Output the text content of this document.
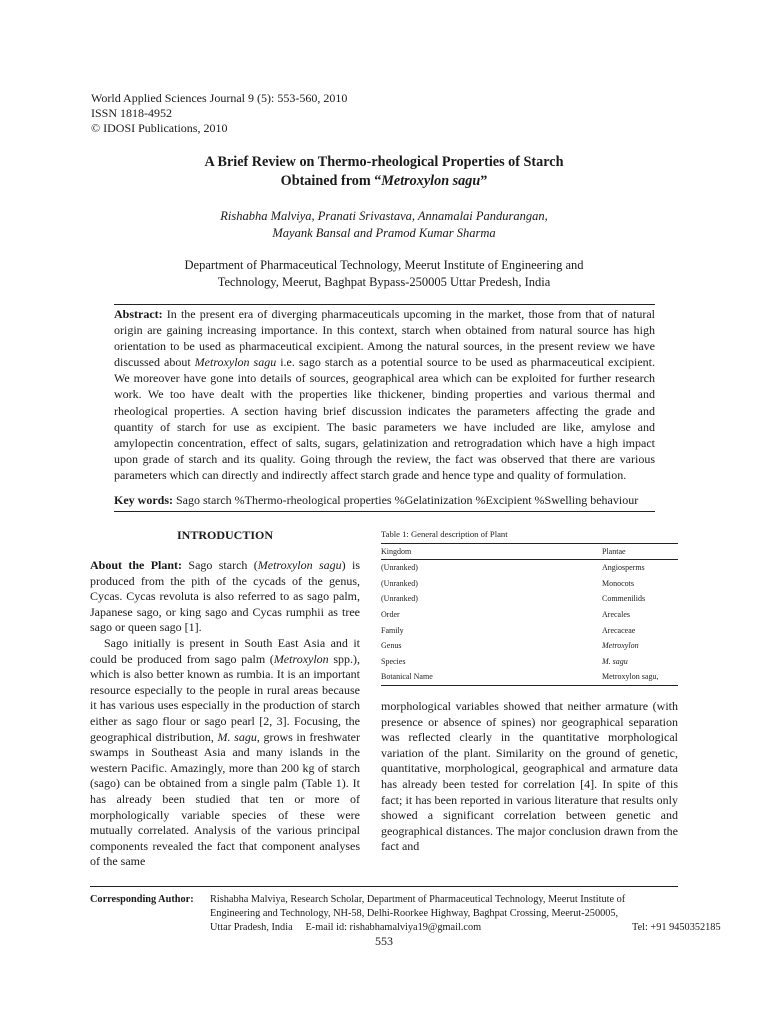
World Applied Sciences Journal 9 (5): 553-560, 2010
ISSN 1818-4952
© IDOSI Publications, 2010
A Brief Review on Thermo-rheological Properties of Starch
Obtained from “Metroxylon sagu”
Rishabha Malviya, Pranati Srivastava, Annamalai Pandurangan,
Mayank Bansal and Pramod Kumar Sharma
Department of Pharmaceutical Technology, Meerut Institute of Engineering and
Technology, Meerut, Baghpat Bypass-250005 Uttar Predesh, India
Abstract: In the present era of diverging pharmaceuticals upcoming in the market, those from that of natural origin are gaining increasing importance. In this context, starch when obtained from natural source has high orientation to be used as pharmaceutical excipient. Among the natural sources, in the present review we have discussed about Metroxylon sagu i.e. sago starch as a potential source to be used as pharmaceutical excipient. We moreover have gone into details of sources, geographical area which can be exploited for further research work. We too have dealt with the properties like thickener, binding properties and various thermal and rheological properties. A section having brief discussion indicates the parameters affecting the grade and quantity of starch for use as excipient. The basic parameters we have included are like, amylose and amylopectin concentration, effect of salts, sugars, gelatinization and retrogradation which have a high impact upon grade of starch and its quality. Going through the review, the fact was observed that there are various parameters which can directly and indirectly affect starch grade and hence type and quality of formulation.
Key words: Sago starch %Thermo-rheological properties %Gelatinization %Excipient %Swelling behaviour
INTRODUCTION

About the Plant: Sago starch (Metroxylon sagu) is produced from the pith of the cycads of the genus, Cycas. Cycas revoluta is also referred to as sago palm, Japanese sago, or king sago and Cycas rumphii as tree sago or queen sago [1].

Sago initially is present in South East Asia and it could be produced from sago palm (Metroxylon spp.), which is also better known as rumbia. It is an important resource especially to the people in rural areas because it has various uses especially in the production of starch either as sago flour or sago pearl [2, 3]. Focusing, the geographical distribution, M. sagu, grows in freshwater swamps in Southeast Asia and many islands in the western Pacific. Amazingly, more than 200 kg of starch (sago) can be obtained from a single palm (Table 1). It has already been studied that ten or more of morphologically variable species of these were mutually correlated. Analysis of the various principal components revealed the fact that component analyses of the same

Table 1: General description of Plant
Kingdom	Plantae
(Unranked)	Angiosperms
(Unranked)	Monocots
(Unranked)	Commenilids
Order	Arecales
Family	Arecaceae
Genus	Metroxylon
Species	M. sagu
Botanical Name	Metroxylon sagu,

morphological variables showed that neither armature (with presence or absence of spines) nor geographical separation was reflected clearly in the quantitative morphological variation of the plant. Similarity on the ground of genetic, quantitative, morphological, geographical and armature data has already been tested for correlation [4]. In spite of this fact; it has been reported in various literature that results only showed a significant correlation between genetic and geographical distances. The major conclusion drawn from the fact and

Corresponding Author: Rishabha Malviya, Research Scholar, Department of Pharmaceutical Technology, Meerut Institute of
Engineering and Technology, NH-58, Delhi-Roorkee Highway, Baghpat Crossing, Meerut-250005,
Uttar Pradesh, India     E-mail id: rishabhamalviya19@gmail.com	Tel: +91 9450352185
553
